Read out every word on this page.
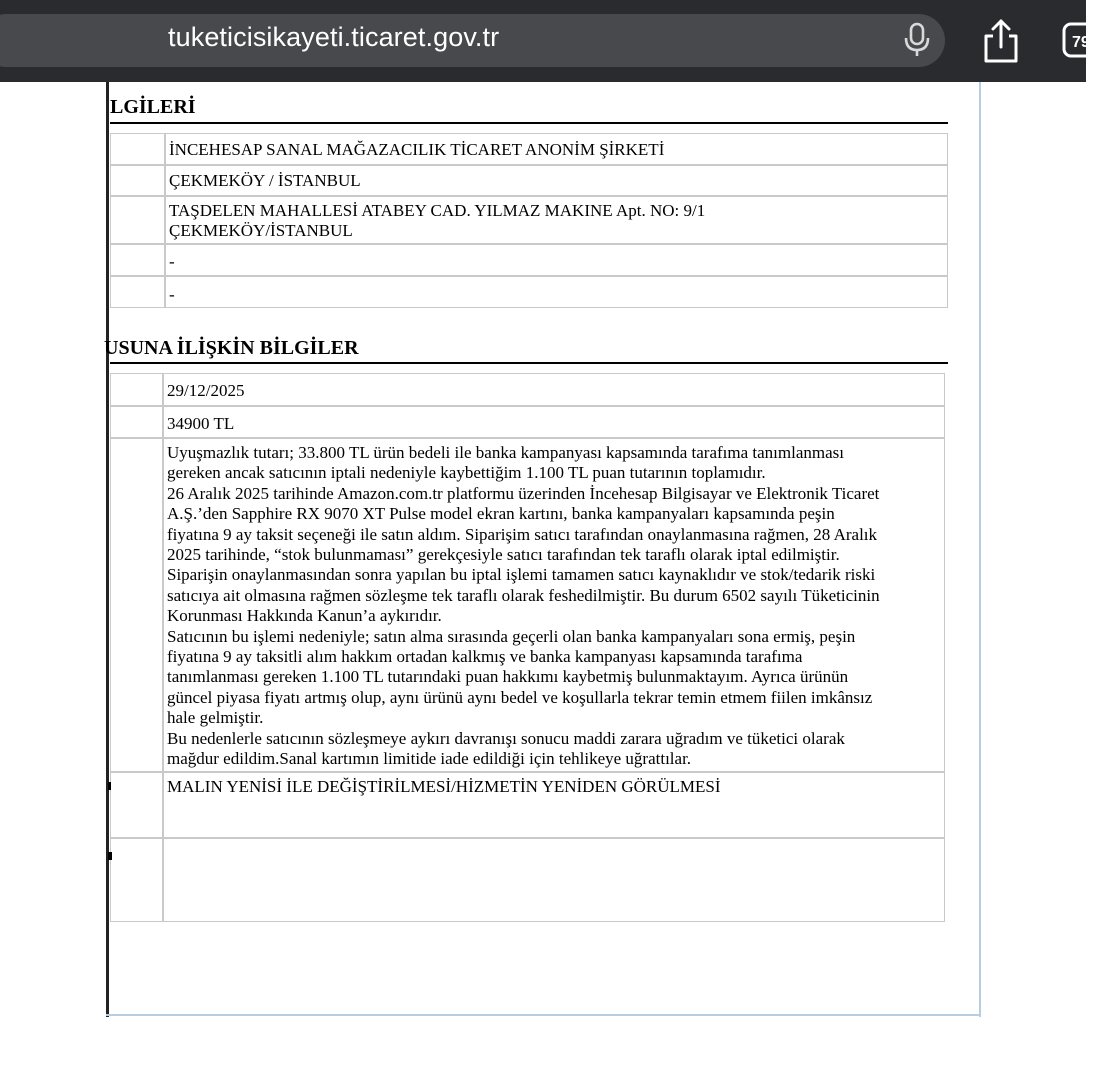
tuketicisikayeti.ticaret.gov.tr	79
LGİLERİ
İNCEHESAP SANAL MAĞAZACILIK TİCARET ANONİM ŞİRKETİ
ÇEKMEKÖY / İSTANBUL
TAŞDELEN MAHALLESİ ATABEY CAD. YILMAZ MAKINE Apt. NO: 9/1
ÇEKMEKÖY/İSTANBUL
-
-
USUNA İLİŞKİN BİLGİLER
29/12/2025
34900 TL
Uyuşmazlık tutarı; 33.800 TL ürün bedeli ile banka kampanyası kapsamında tarafıma tanımlanması
gereken ancak satıcının iptali nedeniyle kaybettiğim 1.100 TL puan tutarının toplamıdır.
26 Aralık 2025 tarihinde Amazon.com.tr platformu üzerinden İncehesap Bilgisayar ve Elektronik Ticaret
A.Ş.’den Sapphire RX 9070 XT Pulse model ekran kartını, banka kampanyaları kapsamında peşin
fiyatına 9 ay taksit seçeneği ile satın aldım. Siparişim satıcı tarafından onaylanmasına rağmen, 28 Aralık
2025 tarihinde, “stok bulunmaması” gerekçesiyle satıcı tarafından tek taraflı olarak iptal edilmiştir.
Siparişin onaylanmasından sonra yapılan bu iptal işlemi tamamen satıcı kaynaklıdır ve stok/tedarik riski
satıcıya ait olmasına rağmen sözleşme tek taraflı olarak feshedilmiştir. Bu durum 6502 sayılı Tüketicinin
Korunması Hakkında Kanun’a aykırıdır.
Satıcının bu işlemi nedeniyle; satın alma sırasında geçerli olan banka kampanyaları sona ermiş, peşin
fiyatına 9 ay taksitli alım hakkım ortadan kalkmış ve banka kampanyası kapsamında tarafıma
tanımlanması gereken 1.100 TL tutarındaki puan hakkımı kaybetmiş bulunmaktayım. Ayrıca ürünün
güncel piyasa fiyatı artmış olup, aynı ürünü aynı bedel ve koşullarla tekrar temin etmem fiilen imkânsız
hale gelmiştir.
Bu nedenlerle satıcının sözleşmeye aykırı davranışı sonucu maddi zarara uğradım ve tüketici olarak
mağdur edildim.Sanal kartımın limitide iade edildiği için tehlikeye uğrattılar.
MALIN YENİSİ İLE DEĞİŞTİRİLMESİ/HİZMETİN YENİDEN GÖRÜLMESİ
